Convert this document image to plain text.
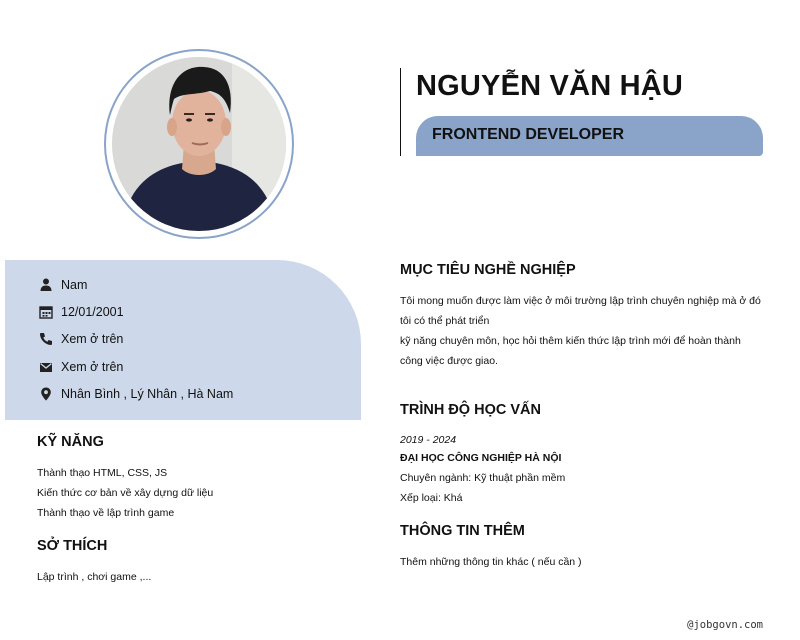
NGUYỄN VĂN HẬU
FRONTEND DEVELOPER
Nam
12/01/2001
Xem ở trên
Xem ở trên
Nhân Bình , Lý Nhân , Hà Nam
KỸ NĂNG
Thành thạo HTML, CSS, JS
Kiến thức cơ bản về xây dựng dữ liệu
Thành thạo về lập trình game
SỞ THÍCH
Lập trình , chơi game ,...
MỤC TIÊU NGHỀ NGHIỆP
Tôi mong muốn được làm việc ở môi trường lập trình chuyên nghiệp mà ở đó tôi có thể phát triển
kỹ năng chuyên môn, học hỏi thêm kiến thức lập trình mới để hoàn thành công việc được giao.
TRÌNH ĐỘ HỌC VẤN
2019 - 2024
ĐẠI HỌC CÔNG NGHIỆP HÀ NỘI
Chuyên ngành: Kỹ thuật phần mềm
Xếp loại: Khá
THÔNG TIN THÊM
Thêm những thông tin khác ( nếu cần )
@jobgovn.com
